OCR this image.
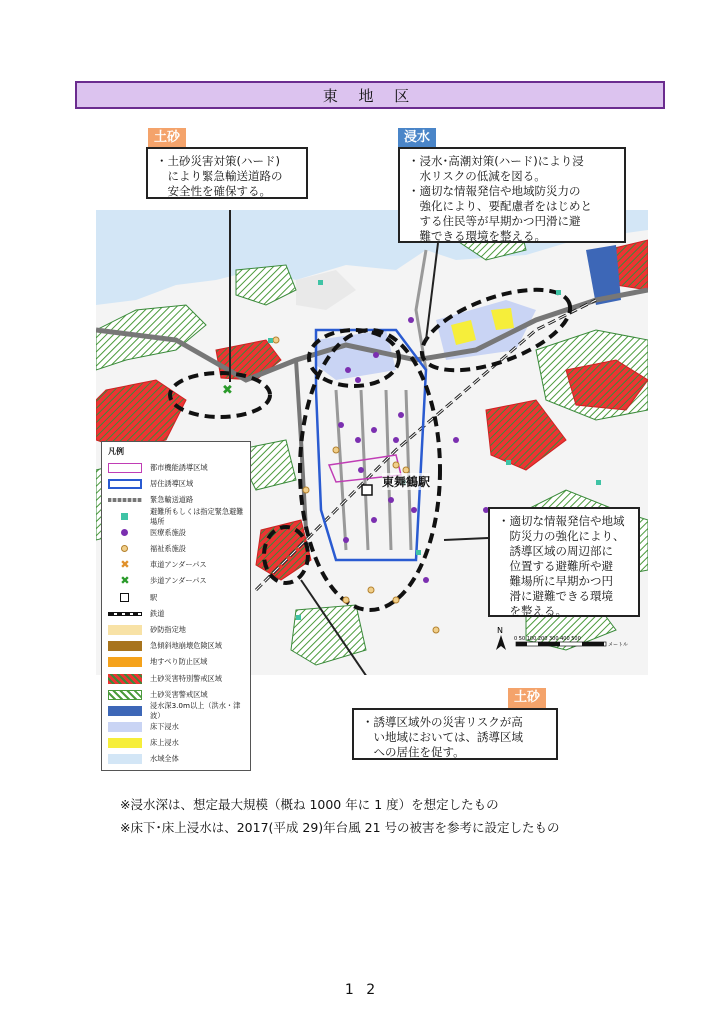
東 地 区
土砂	浸水
土砂

・土砂災害対策(ハード)

　により緊急輸送道路の

　安全性を確保する。

・浸水･高潮対策(ハード)により浸

　水リスクの低減を図る。

・適切な情報発信や地域防災力の

　強化により、要配慮者をはじめと

　する住民等が早期かつ円滑に避

　難できる環境を整える。

・適切な情報発信や地域

　防災力の強化により、

　誘導区域の周辺部に

　位置する避難所や避

　難場所に早期かつ円

　滑に避難できる環境

　を整える。

・誘導区域外の災害リスクが高

　い地域においては、誘導区域

　への居住を促す。

✖
N
0 50 100 200 300 400 500
メートル
東舞鶴駅
凡例
都市機能誘導区域
居住誘導区域
緊急輸送道路
避難所もしくは指定緊急避難場所
医療系施設
福祉系施設
✖	車道アンダーパス
✖	歩道アンダーパス
駅
鉄道
砂防指定地
急傾斜地崩壊危険区域
地すべり防止区域
土砂災害特別警戒区域
土砂災害警戒区域
浸水深3.0m以上（洪水・津波）
床下浸水
床上浸水
水域全体
※浸水深は、想定最大規模（概ね 1000 年に 1 度）を想定したもの
※床下･床上浸水は、2017(平成 29)年台風 21 号の被害を参考に設定したもの
1 2
